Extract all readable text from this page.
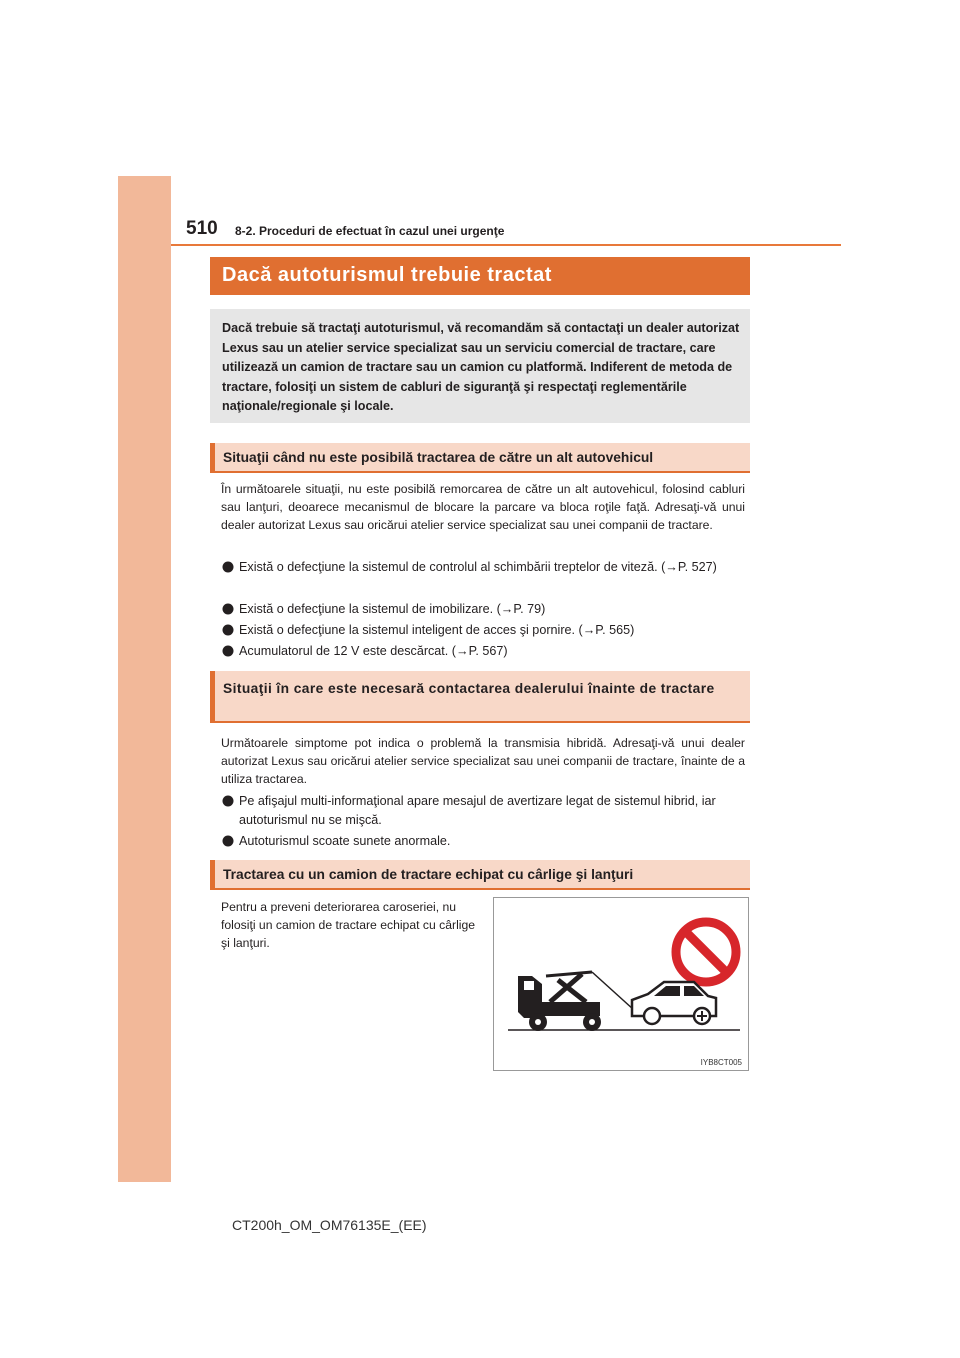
510 8-2. Proceduri de efectuat în cazul unei urgenţe
Dacă autoturismul trebuie tractat
Dacă trebuie să tractaţi autoturismul, vă recomandăm să contactaţi un dealer autorizat Lexus sau un atelier service specializat sau un serviciu comercial de tractare, care utilizează un camion de tractare sau un camion cu platformă. Indiferent de metoda de tractare, folosiţi un sistem de cabluri de siguranţă şi respectaţi reglementările naţionale/regionale şi locale.
Situaţii când nu este posibilă tractarea de către un alt autovehicul
În următoarele situaţii, nu este posibilă remorcarea de către un alt autovehicul, folosind cabluri sau lanţuri, deoarece mecanismul de blocare la parcare va bloca roţile faţă. Adresaţi-vă unui dealer autorizat Lexus sau oricărui atelier service specializat sau unei companii de tractare.
Există o defecţiune la sistemul de controlul al schimbării treptelor de viteză. (→P. 527)
Există o defecţiune la sistemul de imobilizare. (→P. 79)
Există o defecţiune la sistemul inteligent de acces şi pornire. (→P. 565)
Acumulatorul de 12 V este descărcat. (→P. 567)
Situaţii în care este necesară contactarea dealerului înainte de tractare
Următoarele simptome pot indica o problemă la transmisia hibridă. Adresaţi-vă unui dealer autorizat Lexus sau oricărui atelier service specializat sau unei companii de tractare, înainte de a utiliza tractarea.
Pe afişajul multi-informaţional apare mesajul de avertizare legat de sistemul hibrid, iar autoturismul nu se mişcă.
Autoturismul scoate sunete anormale.
Tractarea cu un camion de tractare echipat cu cârlige şi lanţuri
Pentru a preveni deteriorarea caroseriei, nu folosiţi un camion de tractare echipat cu cârlige şi lanţuri.
IYB8CT005
CT200h_OM_OM76135E_(EE)
